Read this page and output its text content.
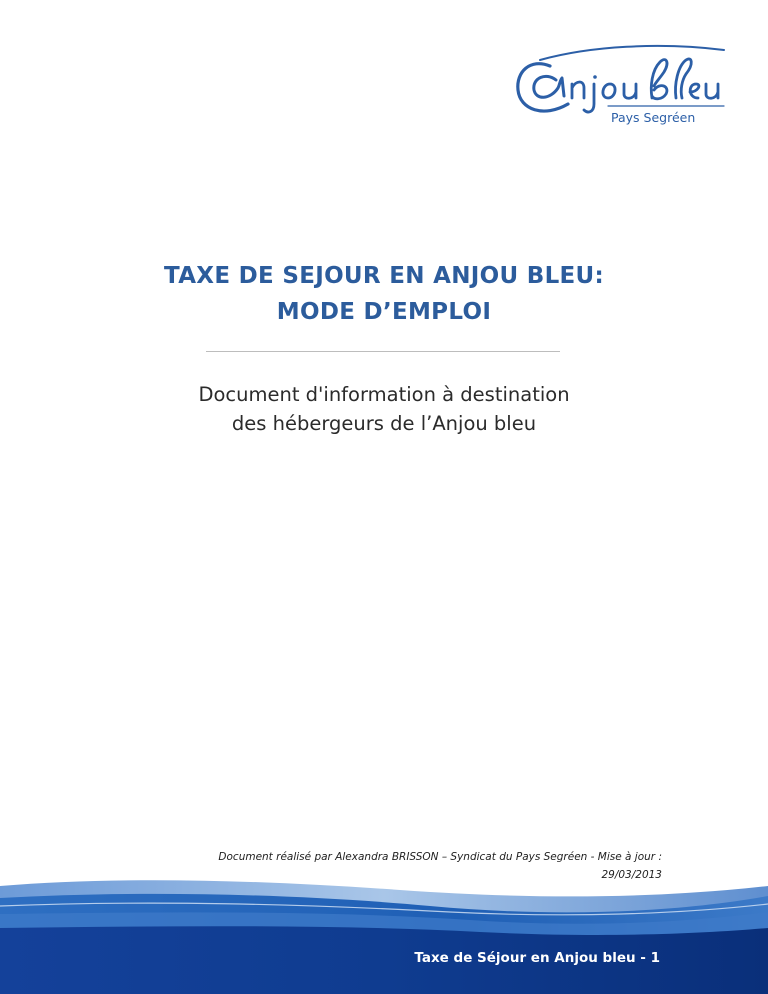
Pays Segréen
TAXE DE SEJOUR EN ANJOU BLEU:
MODE D’EMPLOI
Document d'information à destination
des hébergeurs de l’Anjou bleu
Document réalisé par Alexandra BRISSON – Syndicat du Pays Segréen - Mise à jour :
29/03/2013
Taxe de Séjour en Anjou bleu - 1
